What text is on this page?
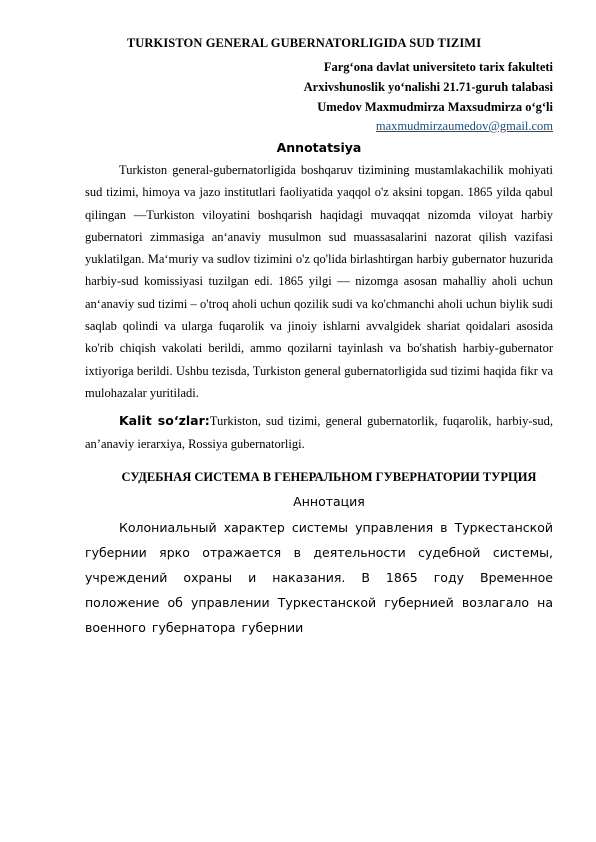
TURKISTON GENERAL GUBERNATORLIGIDA SUD TIZIMI
Farg‘ona davlat universiteto tarix fakulteti
Arxivshunoslik yo‘nalishi 21.71-guruh talabasi
Umedov Maxmudmirza Maxsudmirza o‘g‘li
maxmudmirzaumedov@gmail.com
Annotatsiya

Turkiston general-gubernatorligida boshqaruv tizimining mustamlakachilik mohiyati sud tizimi, himoya va jazo institutlari faoliyatida yaqqol o'z aksini topgan. 1865 yilda qabul qilingan —Turkiston viloyatini boshqarish haqidagi muvaqqat nizomda viloyat harbiy gubernatori zimmasiga an‘anaviy musulmon sud muassasalarini nazorat qilish vazifasi yuklatilgan. Ma‘muriy va sudlov tizimini o'z qo'lida birlashtirgan harbiy gubernator huzurida harbiy-sud komissiyasi tuzilgan edi. 1865 yilgi — nizomga asosan mahalliy aholi uchun an‘anaviy sud tizimi – o'troq aholi uchun qozilik sudi va ko'chmanchi aholi uchun biylik sudi saqlab qolindi va ularga fuqarolik va jinoiy ishlarni avvalgidek shariat qoidalari asosida ko'rib chiqish vakolati berildi, ammo qozilarni tayinlash va bo'shatish harbiy-gubernator ixtiyoriga berildi. Ushbu tezisda, Turkiston general gubernatorligida sud tizimi haqida fikr va mulohazalar yuritiladi.

Kalit so‘zlar:Turkiston, sud tizimi, general gubernatorlik, fuqarolik, harbiy-sud, an’anaviy ierarxiya, Rossiya gubernatorligi.

СУДЕБНАЯ СИСТЕМА В ГЕНЕРАЛЬНОМ ГУВЕРНАТОРИИ ТУРЦИЯ
Аннотация

Колониальный характер системы управления в Туркестанской губернии ярко отражается в деятельности судебной системы, учреждений охраны и наказания. В 1865 году Временное положение об управлении Туркестанской губернией возлагало на военного губернатора губернии
